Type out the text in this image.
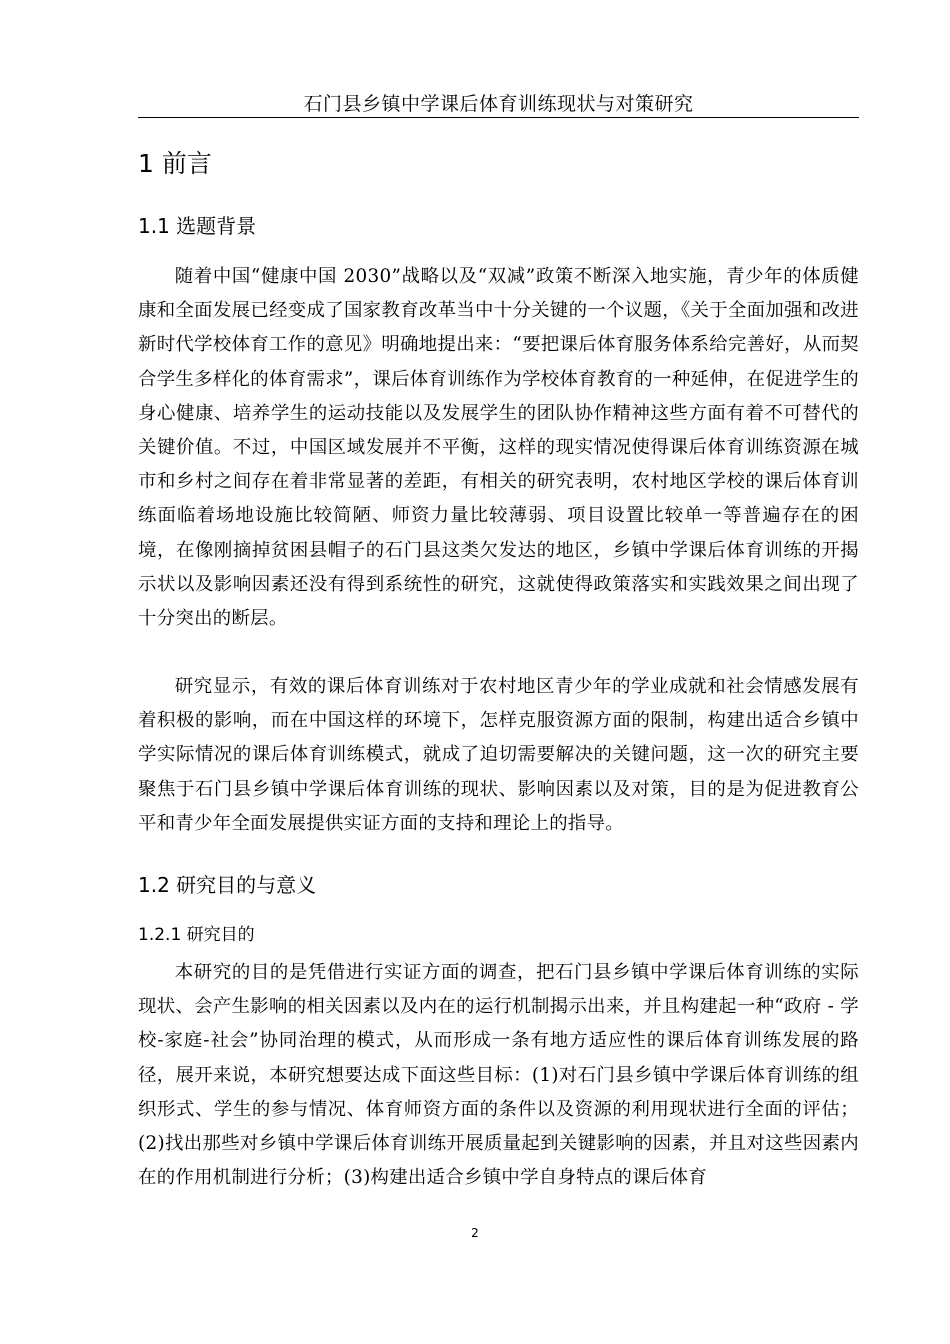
石门县乡镇中学课后体育训练现状与对策研究
1 前言
1.1 选题背景

随着中国“健康中国 2030”战略以及“双减”政策不断深入地实施，青少年的体质健康和全面发展已经变成了国家教育改革当中十分关键的一个议题，《关于全面加强和改进新时代学校体育工作的意见》明确地提出来：“要把课后体育服务体系给完善好，从而契合学生多样化的体育需求”，课后体育训练作为学校体育教育的一种延伸，在促进学生的身心健康、培养学生的运动技能以及发展学生的团队协作精神这些方面有着不可替代的关键价值。不过，中国区域发展并不平衡，这样的现实情况使得课后体育训练资源在城市和乡村之间存在着非常显著的差距，有相关的研究表明，农村地区学校的课后体育训练面临着场地设施比较简陋、师资力量比较薄弱、项目设置比较单一等普遍存在的困境，在像刚摘掉贫困县帽子的石门县这类欠发达的地区，乡镇中学课后体育训练的开揭示状以及影响因素还没有得到系统性的研究，这就使得政策落实和实践效果之间出现了十分突出的断层。

研究显示，有效的课后体育训练对于农村地区青少年的学业成就和社会情感发展有着积极的影响，而在中国这样的环境下，怎样克服资源方面的限制，构建出适合乡镇中学实际情况的课后体育训练模式，就成了迫切需要解决的关键问题，这一次的研究主要聚焦于石门县乡镇中学课后体育训练的现状、影响因素以及对策，目的是为促进教育公平和青少年全面发展提供实证方面的支持和理论上的指导。

1.2 研究目的与意义
1.2.1 研究目的

本研究的目的是凭借进行实证方面的调查，把石门县乡镇中学课后体育训练的实际现状、会产生影响的相关因素以及内在的运行机制揭示出来，并且构建起一种“政府 - 学校-家庭-社会”协同治理的模式，从而形成一条有地方适应性的课后体育训练发展的路径，展开来说，本研究想要达成下面这些目标：(1)对石门县乡镇中学课后体育训练的组织形式、学生的参与情况、体育师资方面的条件以及资源的利用现状进行全面的评估；(2)找出那些对乡镇中学课后体育训练开展质量起到关键影响的因素，并且对这些因素内在的作用机制进行分析；(3)构建出适合乡镇中学自身特点的课后体育

2
